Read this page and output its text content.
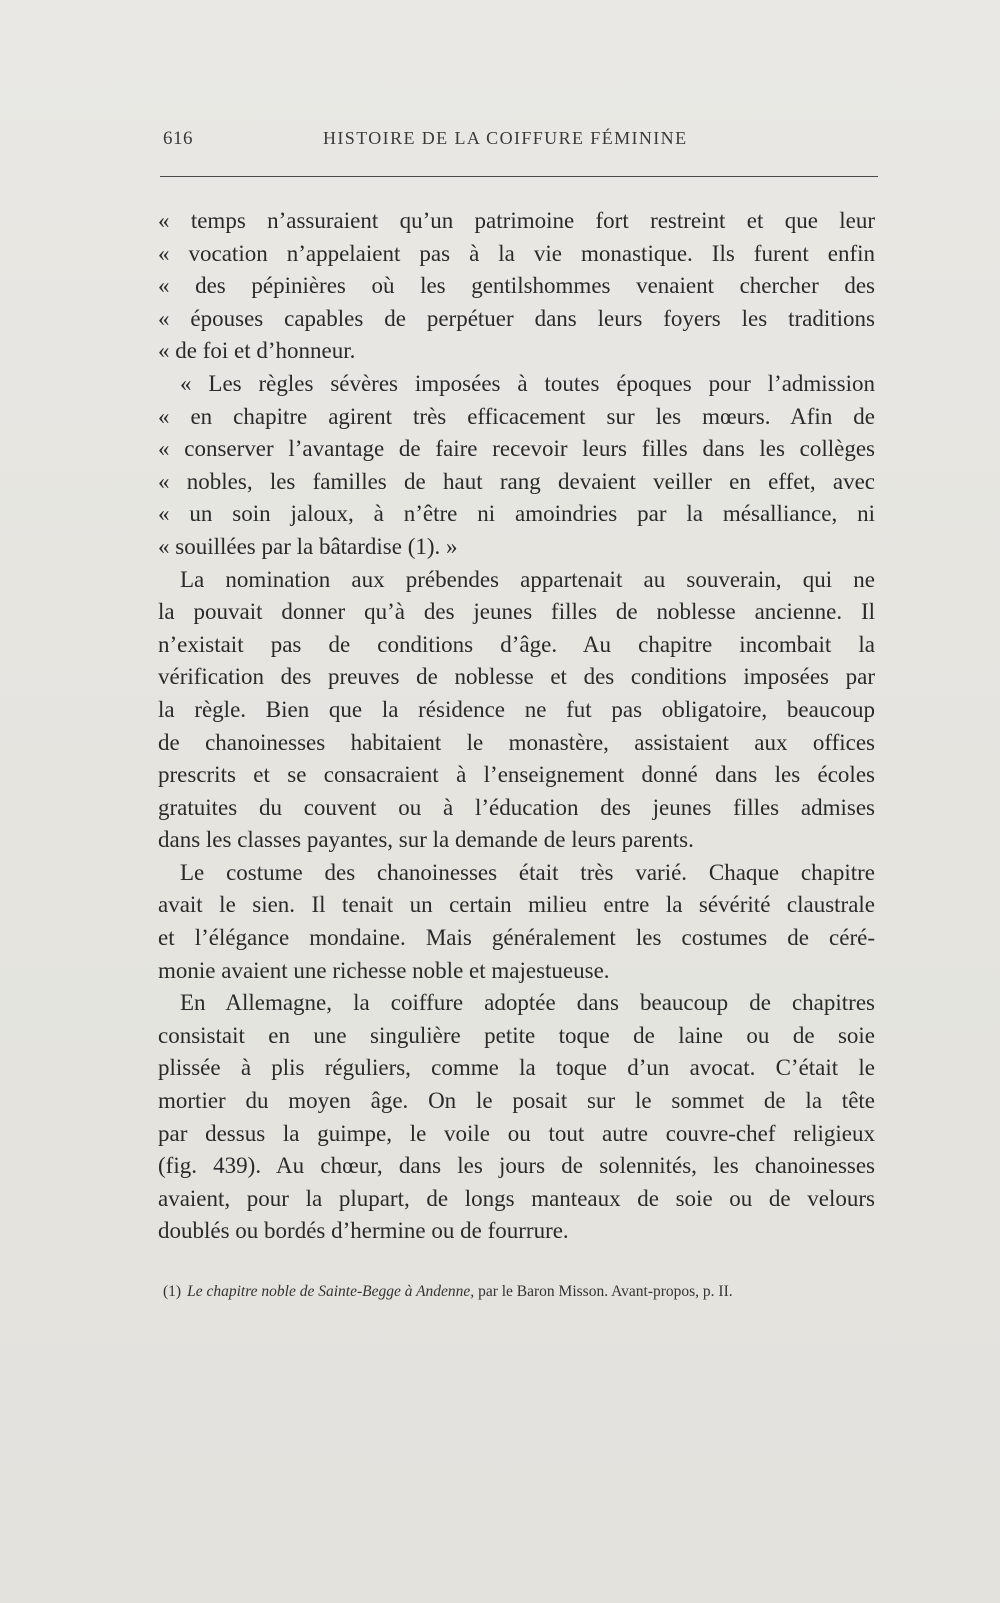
616	HISTOIRE DE LA COIFFURE FÉMININE

« temps n’assuraient qu’un patrimoine fort restreint et que leur
« vocation n’appelaient pas à la vie monastique. Ils furent enfin
« des pépinières où les gentilshommes venaient chercher des
« épouses capables de perpétuer dans leurs foyers les traditions
« de foi et d’honneur.

« Les règles sévères imposées à toutes époques pour l’admission
« en chapitre agirent très efficacement sur les mœurs. Afin de
« conserver l’avantage de faire recevoir leurs filles dans les collèges
« nobles, les familles de haut rang devaient veiller en effet, avec
« un soin jaloux, à n’être ni amoindries par la mésalliance, ni
« souillées par la bâtardise (1). »

La nomination aux prébendes appartenait au souverain, qui ne
la pouvait donner qu’à des jeunes filles de noblesse ancienne. Il
n’existait pas de conditions d’âge. Au chapitre incombait la
vérification des preuves de noblesse et des conditions imposées par
la règle. Bien que la résidence ne fut pas obligatoire, beaucoup
de chanoinesses habitaient le monastère, assistaient aux offices
prescrits et se consacraient à l’enseignement donné dans les écoles
gratuites du couvent ou à l’éducation des jeunes filles admises
dans les classes payantes, sur la demande de leurs parents.

Le costume des chanoinesses était très varié. Chaque chapitre
avait le sien. Il tenait un certain milieu entre la sévérité claustrale
et l’élégance mondaine. Mais généralement les costumes de céré-
monie avaient une richesse noble et majestueuse.

En Allemagne, la coiffure adoptée dans beaucoup de chapitres
consistait en une singulière petite toque de laine ou de soie
plissée à plis réguliers, comme la toque d’un avocat. C’était le
mortier du moyen âge. On le posait sur le sommet de la tête
par dessus la guimpe, le voile ou tout autre couvre-chef religieux
(fig. 439). Au chœur, dans les jours de solennités, les chanoinesses
avaient, pour la plupart, de longs manteaux de soie ou de velours
doublés ou bordés d’hermine ou de fourrure.

(1) Le chapitre noble de Sainte-Begge à Andenne, par le Baron Misson. Avant-propos, p. II.
